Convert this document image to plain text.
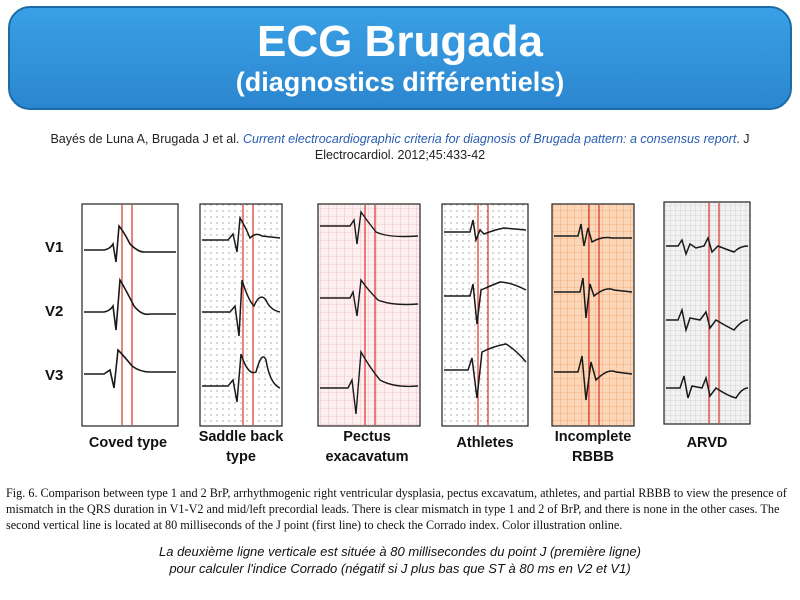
ECG Brugada
(diagnostics différentiels)
Bayés de Luna A, Brugada J et al. Current electrocardiographic criteria for diagnosis of Brugada pattern: a consensus report. J Electrocardiol. 2012;45:433-42
V1
V2
V3
Coved type Saddle back
type
Pectus
exacavatum
Athletes	Incomplete
RBBB
ARVD
Fig. 6. Comparison between type 1 and 2 BrP, arrhythmogenic right ventricular dysplasia, pectus excavatum, athletes, and partial RBBB to view the presence of mismatch in the QRS duration in V1-V2 and mid/left precordial leads. There is clear mismatch in type 1 and 2 of BrP, and there is none in the other cases. The second vertical line is located at 80 milliseconds of the J point (first line) to check the Corrado index. Color illustration online.
La deuxième ligne verticale est située à 80 millisecondes du point J (première ligne)
pour calculer l'indice Corrado (négatif si J plus bas que ST à 80 ms en V2 et V1)
